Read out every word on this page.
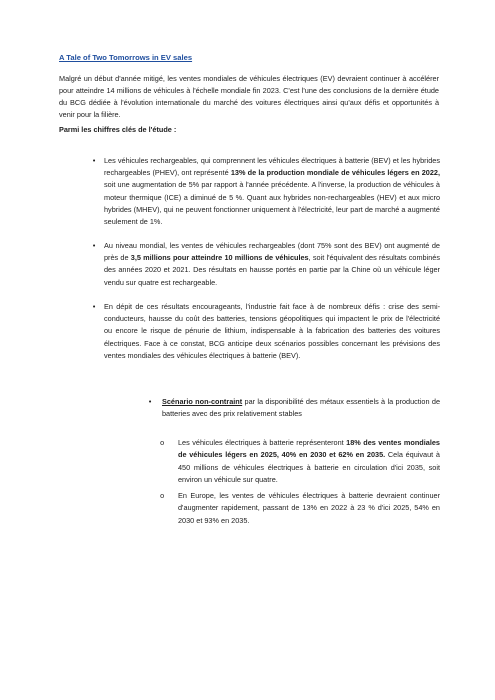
A Tale of Two Tomorrows in EV sales
Malgré un début d'année mitigé, les ventes mondiales de véhicules électriques (EV) devraient continuer à accélérer pour atteindre 14 millions de véhicules à l'échelle mondiale fin 2023. C'est l'une des conclusions de la dernière étude du BCG dédiée à l'évolution internationale du marché des voitures électriques ainsi qu'aux défis et opportunités à venir pour la filière.
Parmi les chiffres clés de l'étude :
• Les véhicules rechargeables, qui comprennent les véhicules électriques à batterie (BEV) et les hybrides rechargeables (PHEV), ont représenté 13% de la production mondiale de véhicules légers en 2022, soit une augmentation de 5% par rapport à l'année précédente. A l'inverse, la production de véhicules à moteur thermique (ICE) a diminué de 5 %. Quant aux hybrides non-rechargeables (HEV) et aux micro hybrides (MHEV), qui ne peuvent fonctionner uniquement à l'électricité, leur part de marché a augmenté seulement de 1%.
• Au niveau mondial, les ventes de véhicules rechargeables (dont 75% sont des BEV) ont augmenté de près de 3,5 millions pour atteindre 10 millions de véhicules, soit l'équivalent des résultats combinés des années 2020 et 2021. Des résultats en hausse portés en partie par la Chine où un véhicule léger vendu sur quatre est rechargeable.
• En dépit de ces résultats encourageants, l'industrie fait face à de nombreux défis : crise des semi-conducteurs, hausse du coût des batteries, tensions géopolitiques qui impactent le prix de l'électricité ou encore le risque de pénurie de lithium, indispensable à la fabrication des batteries des voitures électriques. Face à ce constat, BCG anticipe deux scénarios possibles concernant les prévisions des ventes mondiales des véhicules électriques à batterie (BEV).
• Scénario non-contraint par la disponibilité des métaux essentiels à la production de batteries avec des prix relativement stables
o Les véhicules électriques à batterie représenteront 18% des ventes mondiales de véhicules légers en 2025, 40% en 2030 et 62% en 2035. Cela équivaut à 450 millions de véhicules électriques à batterie en circulation d'ici 2035, soit environ un véhicule sur quatre.
o En Europe, les ventes de véhicules électriques à batterie devraient continuer d'augmenter rapidement, passant de 13% en 2022 à 23 % d'ici 2025, 54% en 2030 et 93% en 2035.
